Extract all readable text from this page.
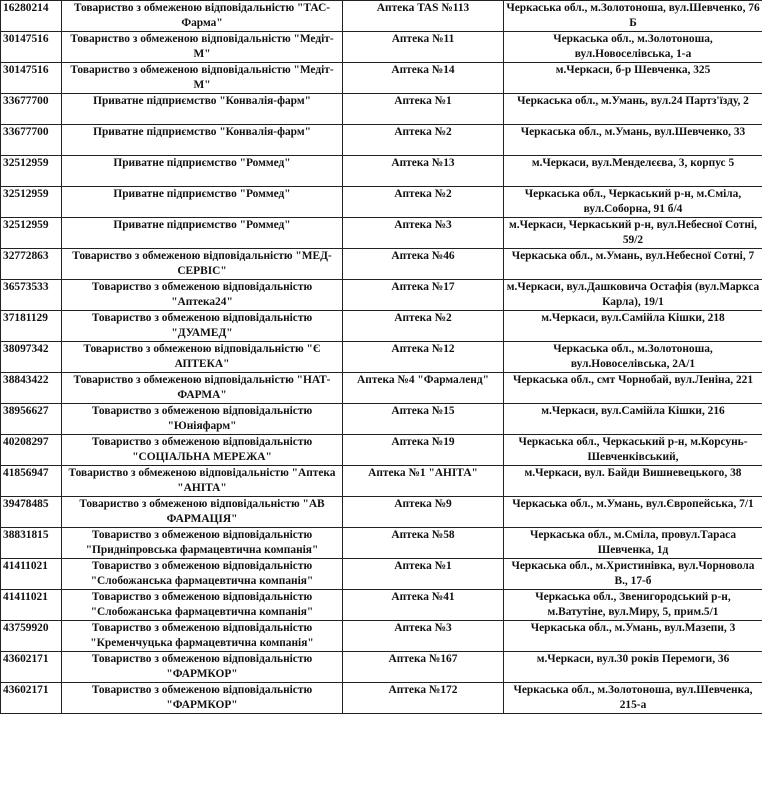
16280214	Товариство з обмеженою відповідальністю "ТАС-Фарма"	Аптека TAS №113	Черкаська обл., м.Золотоноша, вул.Шевченко, 76 Б
30147516	Товариство з обмеженою відповідальністю "Медіт-М"	Аптека №11	Черкаська обл., м.Золотоноша, вул.Новоселівська, 1-а
30147516	Товариство з обмеженою відповідальністю "Медіт-М"	Аптека №14	м.Черкаси, б-р Шевченка, 325
33677700	Приватне підприємство "Конвалія-фарм"	Аптека №1	Черкаська обл., м.Умань, вул.24 Партз'їзду, 2
33677700	Приватне підприємство "Конвалія-фарм"	Аптека №2	Черкаська обл., м.Умань, вул.Шевченко, 33
32512959	Приватне підприємство "Роммед"	Аптека №13	м.Черкаси, вул.Менделєєва, 3, корпус 5
32512959	Приватне підприємство "Роммед"	Аптека №2	Черкаська обл., Черкаський р-н, м.Сміла, вул.Соборна, 91 б/4
32512959	Приватне підприємство "Роммед"	Аптека №3	м.Черкаси, Черкаський р-н, вул.Небесної Сотні, 59/2
32772863	Товариство з обмеженою відповідальністю "МЕД-СЕРВІС"	Аптека №46	Черкаська обл., м.Умань, вул.Небесної Сотні, 7
36573533	Товариство з обмеженою відповідальністю "Аптека24"	Аптека №17	м.Черкаси, вул.Дашковича Остафія (вул.Маркса Карла), 19/1
37181129	Товариство з обмеженою відповідальністю "ДУАМЕД"	Аптека №2	м.Черкаси, вул.Самійла Кішки, 218
38097342	Товариство з обмеженою відповідальністю "Є АПТЕКА"	Аптека №12	Черкаська обл., м.Золотоноша, вул.Новоселівська, 2А/1
38843422	Товариство з обмеженою відповідальністю "НАТ-ФАРМА"	Аптека №4 "Фармаленд"	Черкаська обл., смт Чорнобай, вул.Леніна, 221
38956627	Товариство з обмеженою відповідальністю "Юніяфарм"	Аптека №15	м.Черкаси, вул.Самійла Кішки, 216
40208297	Товариство з обмеженою відповідальністю "СОЦІАЛЬНА МЕРЕЖА"	Аптека №19	Черкаська обл., Черкаський р-н, м.Корсунь-Шевченківський,
41856947	Товариство з обмеженою відповідальністю "Аптека "АНІТА"	Аптека №1 "АНІТА"	м.Черкаси, вул. Байди Вишневецького, 38
39478485	Товариство з обмеженою відповідальністю "АВ ФАРМАЦІЯ"	Аптека №9	Черкаська обл., м.Умань, вул.Європейська, 7/1
38831815	Товариство з обмеженою відповідальністю "Придніпровська фармацевтична компанія"	Аптека №58	Черкаська обл., м.Сміла, провул.Тараса Шевченка, 1д
41411021	Товариство з обмеженою відповідальністю "Слобожанська фармацевтична компанія"	Аптека №1	Черкаська обл., м.Христинівка, вул.Чорновола В., 17-б
41411021	Товариство з обмеженою відповідальністю "Слобожанська фармацевтична компанія"	Аптека №41	Черкаська обл., Звенигородський р-н, м.Ватутіне, вул.Миру, 5, прим.5/1
43759920	Товариство з обмеженою відповідальністю "Кременчуцька фармацевтична компанія"	Аптека №3	Черкаська обл., м.Умань, вул.Мазепи, 3
43602171	Товариство з обмеженою відповідальністю "ФАРМКОР"	Аптека №167	м.Черкаси, вул.30 років Перемоги, 36
43602171	Товариство з обмеженою відповідальністю "ФАРМКОР"	Аптека №172	Черкаська обл., м.Золотоноша, вул.Шевченка, 215-а
